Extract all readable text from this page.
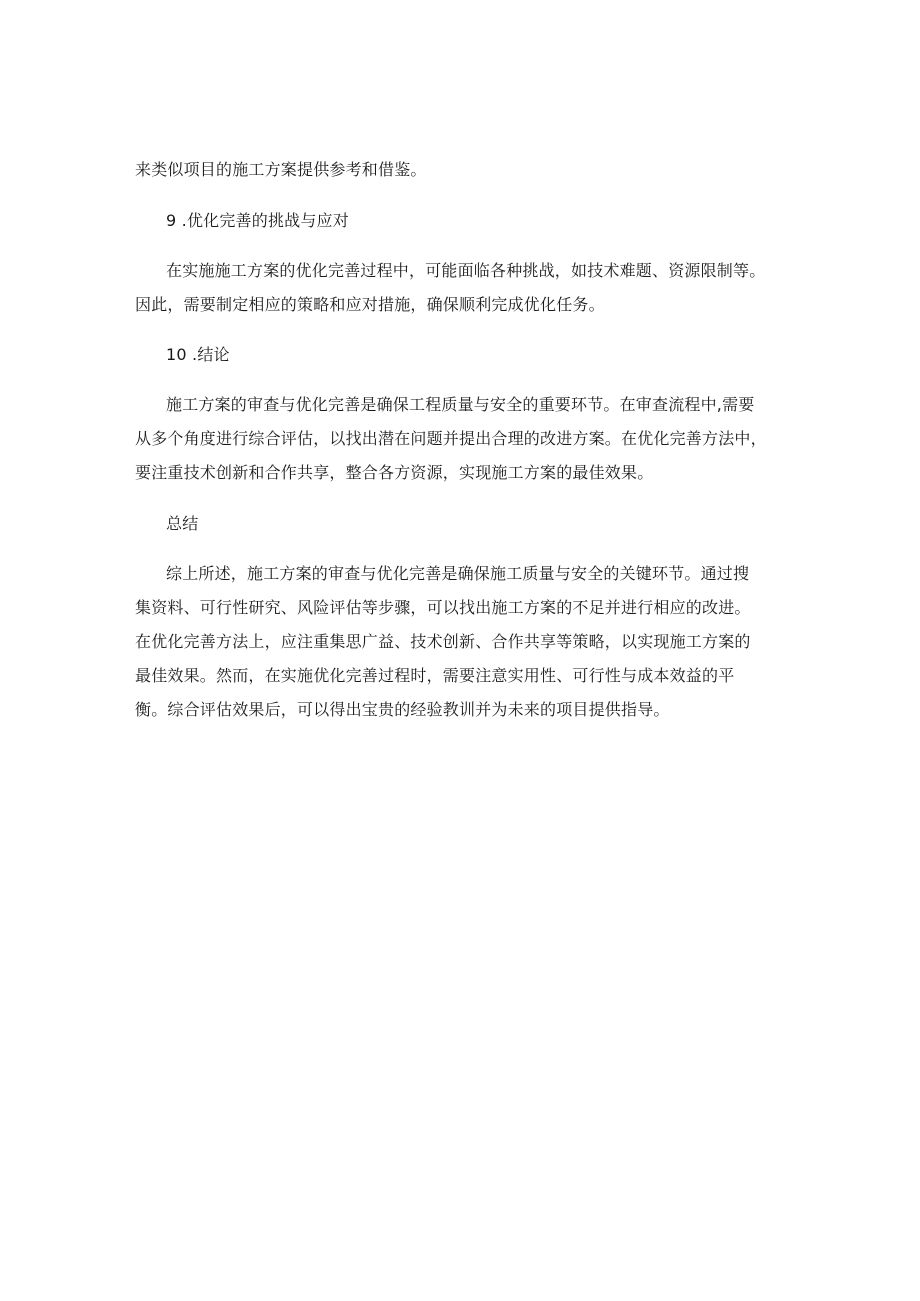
来类似项目的施工方案提供参考和借鉴。
9 .优化完善的挑战与应对
在实施施工方案的优化完善过程中，可能面临各种挑战，如技术难题、资源限制等。
因此，需要制定相应的策略和应对措施，确保顺利完成优化任务。
10 .结论
施工方案的审查与优化完善是确保工程质量与安全的重要环节。在审查流程中,需要
从多个角度进行综合评估，以找出潜在问题并提出合理的改进方案。在优化完善方法中，
要注重技术创新和合作共享，整合各方资源，实现施工方案的最佳效果。
总结
综上所述，施工方案的审查与优化完善是确保施工质量与安全的关键环节。通过搜
集资料、可行性研究、风险评估等步骤，可以找出施工方案的不足并进行相应的改进。
在优化完善方法上，应注重集思广益、技术创新、合作共享等策略，以实现施工方案的
最佳效果。然而，在实施优化完善过程时，需要注意实用性、可行性与成本效益的平
衡。综合评估效果后，可以得出宝贵的经验教训并为未来的项目提供指导。
